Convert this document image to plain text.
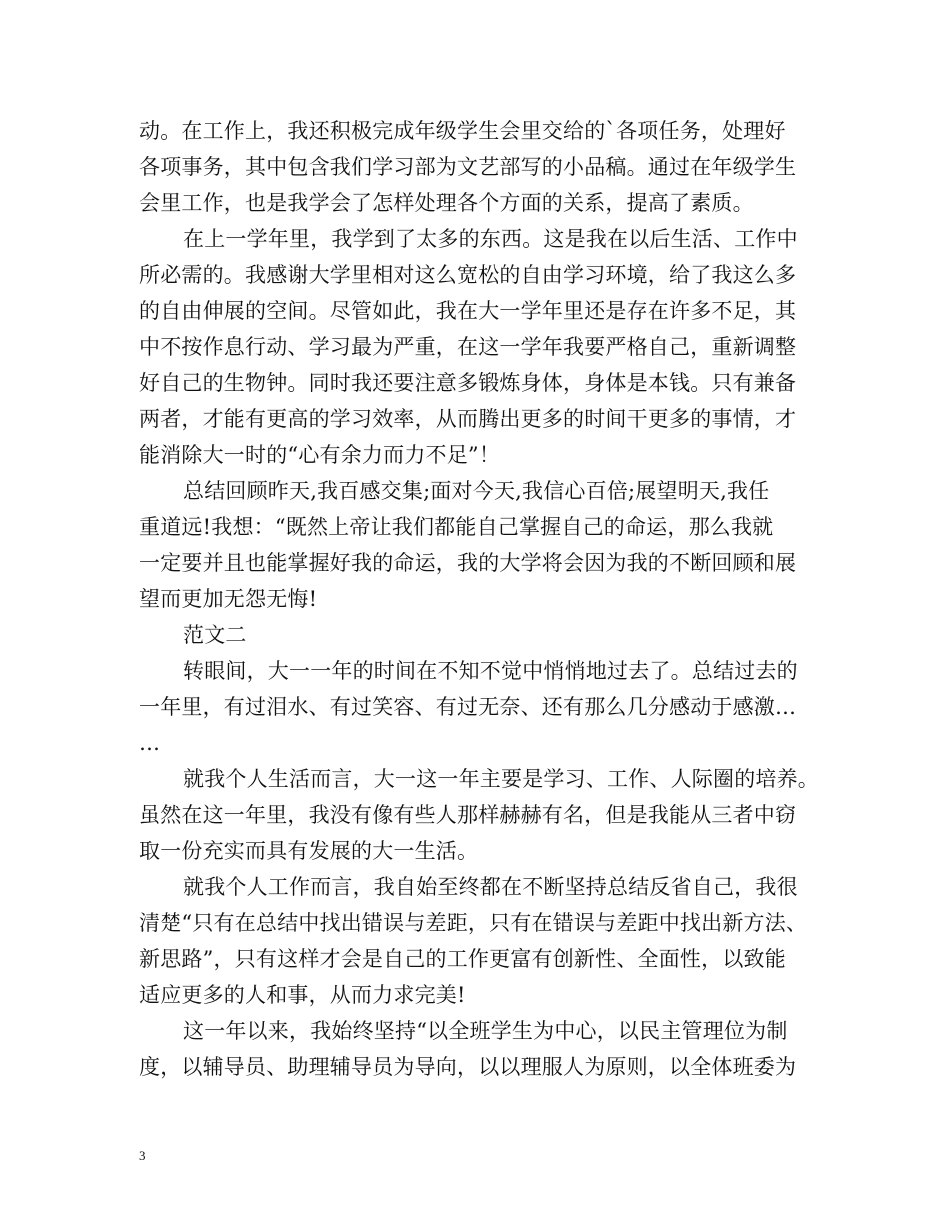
动。在工作上，我还积极完成年级学生会里交给的`各项任务，处理好
各项事务，其中包含我们学习部为文艺部写的小品稿。通过在年级学生
会里工作，也是我学会了怎样处理各个方面的关系，提高了素质。
在上一学年里，我学到了太多的东西。这是我在以后生活、工作中
所必需的。我感谢大学里相对这么宽松的自由学习环境，给了我这么多
的自由伸展的空间。尽管如此，我在大一学年里还是存在许多不足，其
中不按作息行动、学习最为严重，在这一学年我要严格自己，重新调整
好自己的生物钟。同时我还要注意多锻炼身体，身体是本钱。只有兼备
两者，才能有更高的学习效率，从而腾出更多的时间干更多的事情，才
能消除大一时的“心有余力而力不足”！
总结回顾昨天,我百感交集;面对今天,我信心百倍;展望明天,我任
重道远!我想：“既然上帝让我们都能自己掌握自己的命运，那么我就
一定要并且也能掌握好我的命运，我的大学将会因为我的不断回顾和展
望而更加无怨无悔!
范文二
转眼间，大一一年的时间在不知不觉中悄悄地过去了。总结过去的
一年里，有过泪水、有过笑容、有过无奈、还有那么几分感动于感激…
…
就我个人生活而言，大一这一年主要是学习、工作、人际圈的培养。
虽然在这一年里，我没有像有些人那样赫赫有名，但是我能从三者中窃
取一份充实而具有发展的大一生活。
就我个人工作而言，我自始至终都在不断坚持总结反省自己，我很
清楚“只有在总结中找出错误与差距，只有在错误与差距中找出新方法、
新思路”，只有这样才会是自己的工作更富有创新性、全面性，以致能
适应更多的人和事，从而力求完美!
这一年以来，我始终坚持“以全班学生为中心，以民主管理位为制
度，以辅导员、助理辅导员为导向，以以理服人为原则，以全体班委为
3
